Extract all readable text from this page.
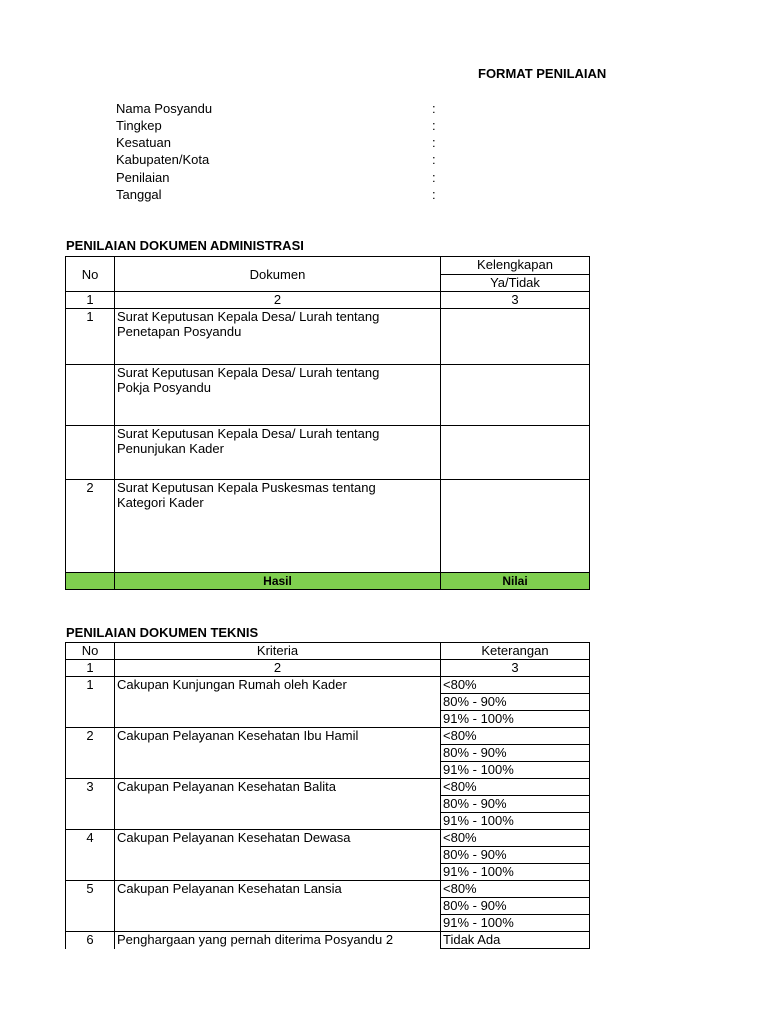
FORMAT PENILAIAN
Nama Posyandu	:
Tingkep	:
Kesatuan	:
Kabupaten/Kota	:
Penilaian	:
Tanggal	:
PENILAIAN DOKUMEN ADMINISTRASI
No	Dokumen	Kelengkapan
		Ya/Tidak
1	2	3
1	Surat Keputusan Kepala Desa/ Lurah tentang
Penetapan Posyandu	

	Surat Keputusan Kepala Desa/ Lurah tentang
Pokja Posyandu	

	Surat Keputusan Kepala Desa/ Lurah tentang
Penunjukan Kader	

2	Surat Keputusan Kepala Puskesmas tentang
Kategori Kader	

	Hasil	Nilai
PENILAIAN DOKUMEN TEKNIS
No	Kriteria	Keterangan
1	2	3
1	Cakupan Kunjungan Rumah oleh Kader	<80%
		80% - 90%
		91% - 100%
2	Cakupan Pelayanan Kesehatan Ibu Hamil	<80%
		80% - 90%
		91% - 100%
3	Cakupan Pelayanan Kesehatan Balita	<80%
		80% - 90%
		91% - 100%
4	Cakupan Pelayanan Kesehatan Dewasa	<80%
		80% - 90%
		91% - 100%
5	Cakupan Pelayanan Kesehatan Lansia	<80%
		80% - 90%
		91% - 100%
6	Penghargaan yang pernah diterima Posyandu 2	Tidak Ada
